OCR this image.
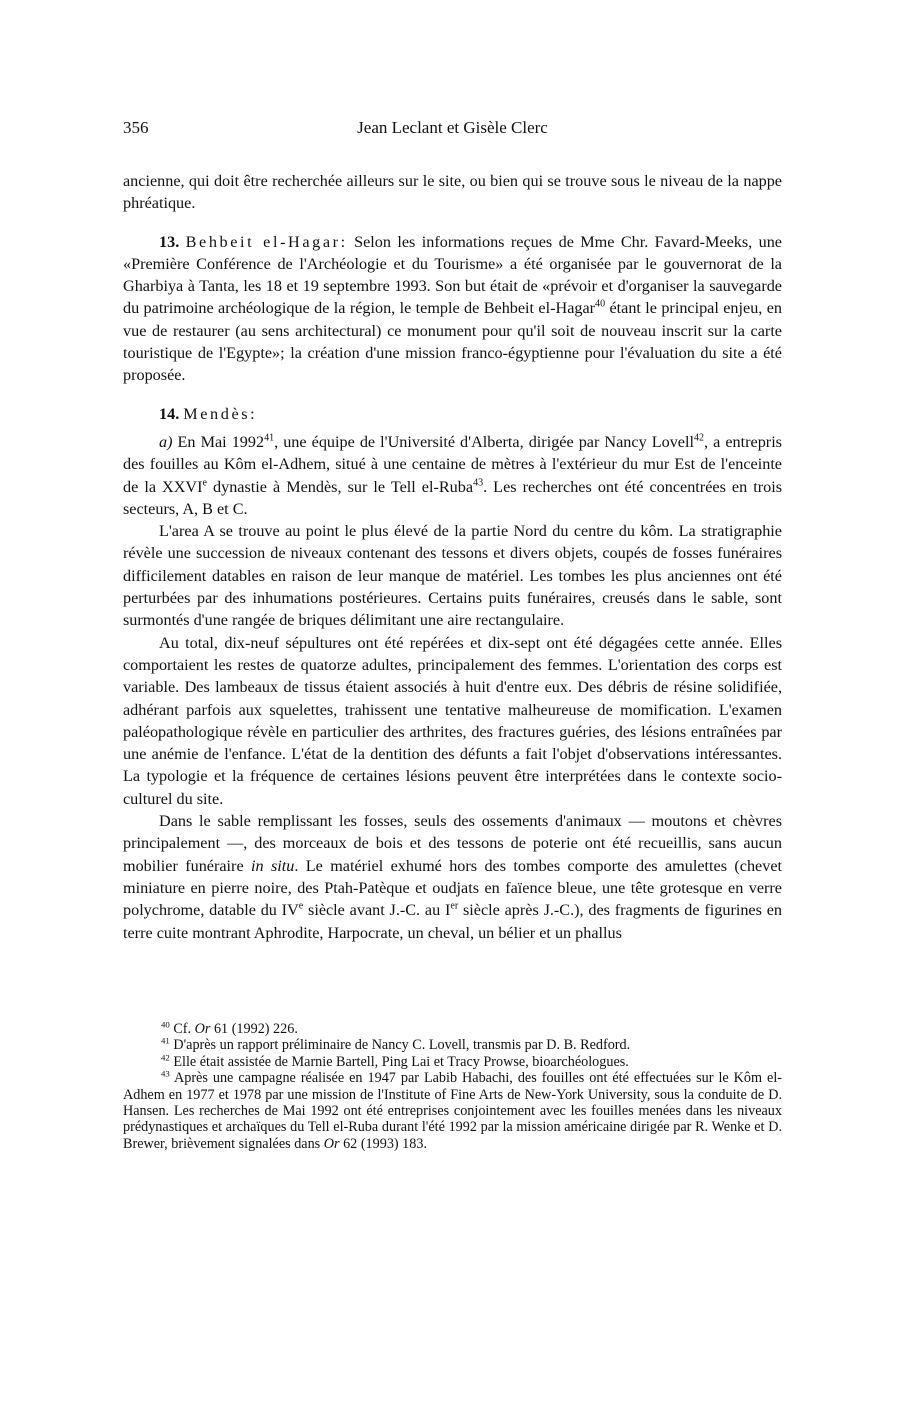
356	Jean Leclant et Gisèle Clerc

ancienne, qui doit être recherchée ailleurs sur le site, ou bien qui se trouve sous le niveau de la nappe phréatique.

13. Behbeit el-Hagar: Selon les informations reçues de Mme Chr. Favard-Meeks, une «Première Conférence de l'Archéologie et du Tourisme» a été organisée par le gouvernorat de la Gharbiya à Tanta, les 18 et 19 septembre 1993. Son but était de «prévoir et d'organiser la sauvegarde du patrimoine archéologique de la région, le temple de Behbeit el-Hagar$^{40}$ étant le principal enjeu, en vue de restaurer (au sens architectural) ce monument pour qu'il soit de nouveau inscrit sur la carte touristique de l'Egypte»; la création d'une mission franco-égyptienne pour l'évaluation du site a été proposée.

14. Mendès:

a) En Mai 1992$^{41}$, une équipe de l'Université d'Alberta, dirigée par Nancy Lovell$^{42}$, a entrepris des fouilles au Kôm el-Adhem, situé à une centaine de mètres à l'extérieur du mur Est de l'enceinte de la XXVIe dynastie à Mendès, sur le Tell el-Ruba$^{43}$. Les recherches ont été concentrées en trois secteurs, A, B et C.

L'area A se trouve au point le plus élevé de la partie Nord du centre du kôm. La stratigraphie révèle une succession de niveaux contenant des tessons et divers objets, coupés de fosses funéraires difficilement datables en raison de leur manque de matériel. Les tombes les plus anciennes ont été perturbées par des inhumations postérieures. Certains puits funéraires, creusés dans le sable, sont surmontés d'une rangée de briques délimitant une aire rectangulaire.

Au total, dix-neuf sépultures ont été repérées et dix-sept ont été dégagées cette année. Elles comportaient les restes de quatorze adultes, principalement des femmes. L'orientation des corps est variable. Des lambeaux de tissus étaient associés à huit d'entre eux. Des débris de résine solidifiée, adhérant parfois aux squelettes, trahissent une tentative malheureuse de momification. L'examen paléopathologique révèle en particulier des arthrites, des fractures guéries, des lésions entraînées par une anémie de l'enfance. L'état de la dentition des défunts a fait l'objet d'observations intéressantes. La typologie et la fréquence de certaines lésions peuvent être interprétées dans le contexte socio-culturel du site.

Dans le sable remplissant les fosses, seuls des ossements d'animaux — moutons et chèvres principalement —, des morceaux de bois et des tessons de poterie ont été recueillis, sans aucun mobilier funéraire in situ. Le matériel exhumé hors des tombes comporte des amulettes (chevet miniature en pierre noire, des Ptah-Patèque et oudjats en faïence bleue, une tête grotesque en verre polychrome, datable du IVe siècle avant J.-C. au Ier siècle après J.-C.), des fragments de figurines en terre cuite montrant Aphrodite, Harpocrate, un cheval, un bélier et un phallus

$^{40}$ Cf. Or 61 (1992) 226.

$^{41}$ D'après un rapport préliminaire de Nancy C. Lovell, transmis par D. B. Redford.

$^{42}$ Elle était assistée de Marnie Bartell, Ping Lai et Tracy Prowse, bioarchéologues.

$^{43}$ Après une campagne réalisée en 1947 par Labib Habachi, des fouilles ont été effectuées sur le Kôm el-Adhem en 1977 et 1978 par une mission de l'Institute of Fine Arts de New-York University, sous la conduite de D. Hansen. Les recherches de Mai 1992 ont été entreprises conjointement avec les fouilles menées dans les niveaux prédynastiques et archaïques du Tell el-Ruba durant l'été 1992 par la mission américaine dirigée par R. Wenke et D. Brewer, brièvement signalées dans Or 62 (1993) 183.
